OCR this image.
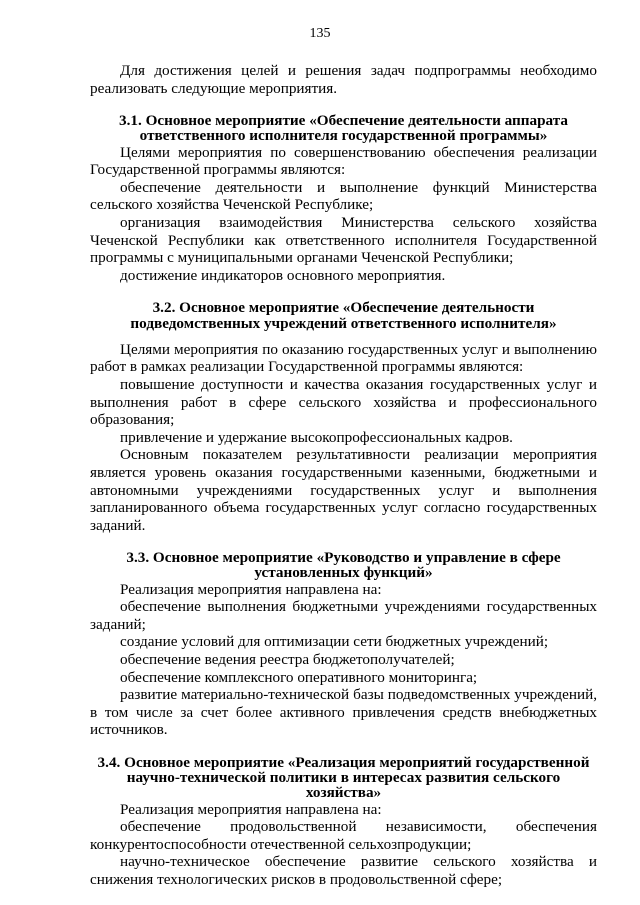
135

Для достижения целей и решения задач подпрограммы необходимо реализовать следующие мероприятия.

3.1. Основное мероприятие «Обеспечение деятельности аппарата
ответственного исполнителя государственной программы»

Целями мероприятия по совершенствованию обеспечения реализации Государственной программы являются:

обеспечение деятельности и выполнение функций Министерства сельского хозяйства Чеченской Республике;

организация взаимодействия Министерства сельского хозяйства Чеченской Республики как ответственного исполнителя Государственной программы с муниципальными органами Чеченской Республики;

достижение индикаторов основного мероприятия.

3.2. Основное мероприятие «Обеспечение деятельности
подведомственных учреждений ответственного исполнителя»

Целями мероприятия по оказанию государственных услуг и выполнению работ в рамках реализации Государственной программы являются:

повышение доступности и качества оказания государственных услуг и выполнения работ в сфере сельского хозяйства и профессионального образования;

привлечение и удержание высокопрофессиональных кадров.

Основным показателем результативности реализации мероприятия является уровень оказания государственными казенными, бюджетными и автономными учреждениями государственных услуг и выполнения запланированного объема государственных услуг согласно государственных заданий.

3.3. Основное мероприятие «Руководство и управление в сфере
установленных функций»

Реализация мероприятия направлена на:

обеспечение выполнения бюджетными учреждениями государственных заданий;

создание условий для оптимизации сети бюджетных учреждений;

обеспечение ведения реестра бюджетополучателей;

обеспечение комплексного оперативного мониторинга;

развитие материально-технической базы подведомственных учреждений, в том числе за счет более активного привлечения средств внебюджетных источников.

3.4. Основное мероприятие «Реализация мероприятий государственной
научно-технической политики в интересах развития сельского хозяйства»

Реализация мероприятия направлена на:

обеспечение продовольственной независимости, обеспечения конкурентоспособности отечественной сельхозпродукции;

научно-техническое обеспечение развитие сельского хозяйства и снижения технологических рисков в продовольственной сфере;
